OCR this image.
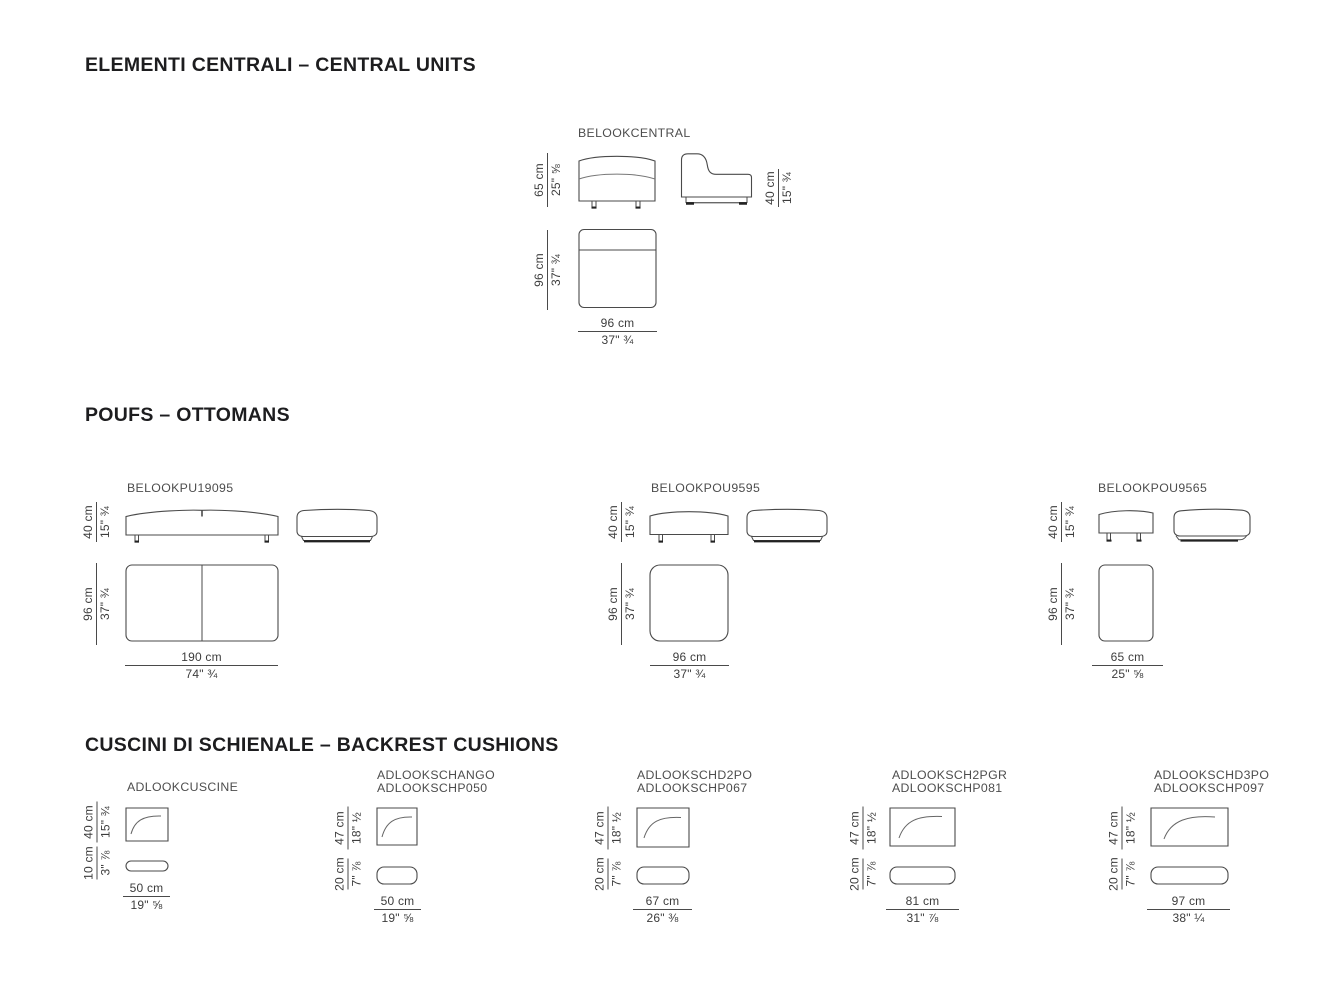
ELEMENTI CENTRALI – CENTRAL UNITS
BELOOKCENTRAL
65 cm 25" ⅝	40 cm 15" ¾
96 cm 37" ¾
96 cm
37" ¾
POUFS – OTTOMANS
BELOOKPU19095
40 cm 15" ¾
96 cm 37" ¾
190 cm
74" ¾
BELOOKPOU9595
40 cm 15" ¾
96 cm 37" ¾
96 cm
37" ¾
BELOOKPOU9565
40 cm 15" ¾
96 cm 37" ¾
65 cm
25" ⅝
CUSCINI DI SCHIENALE – BACKREST CUSHIONS
ADLOOKCUSCINE
40 cm 15" ¾
10 cm 3" ⅞
50 cm
19" ⅝
ADLOOKSCHANGO
ADLOOKSCHP050
47 cm 18" ½
20 cm 7" ⅞
50 cm
19" ⅝
ADLOOKSCHD2PO
ADLOOKSCHP067
47 cm 18" ½
20 cm 7" ⅞
67 cm
26" ⅜
ADLOOKSCH2PGR
ADLOOKSCHP081
47 cm 18" ½
20 cm 7" ⅞
81 cm
31" ⅞
ADLOOKSCHD3PO
ADLOOKSCHP097
47 cm 18" ½
20 cm 7" ⅞
97 cm
38" ¼
